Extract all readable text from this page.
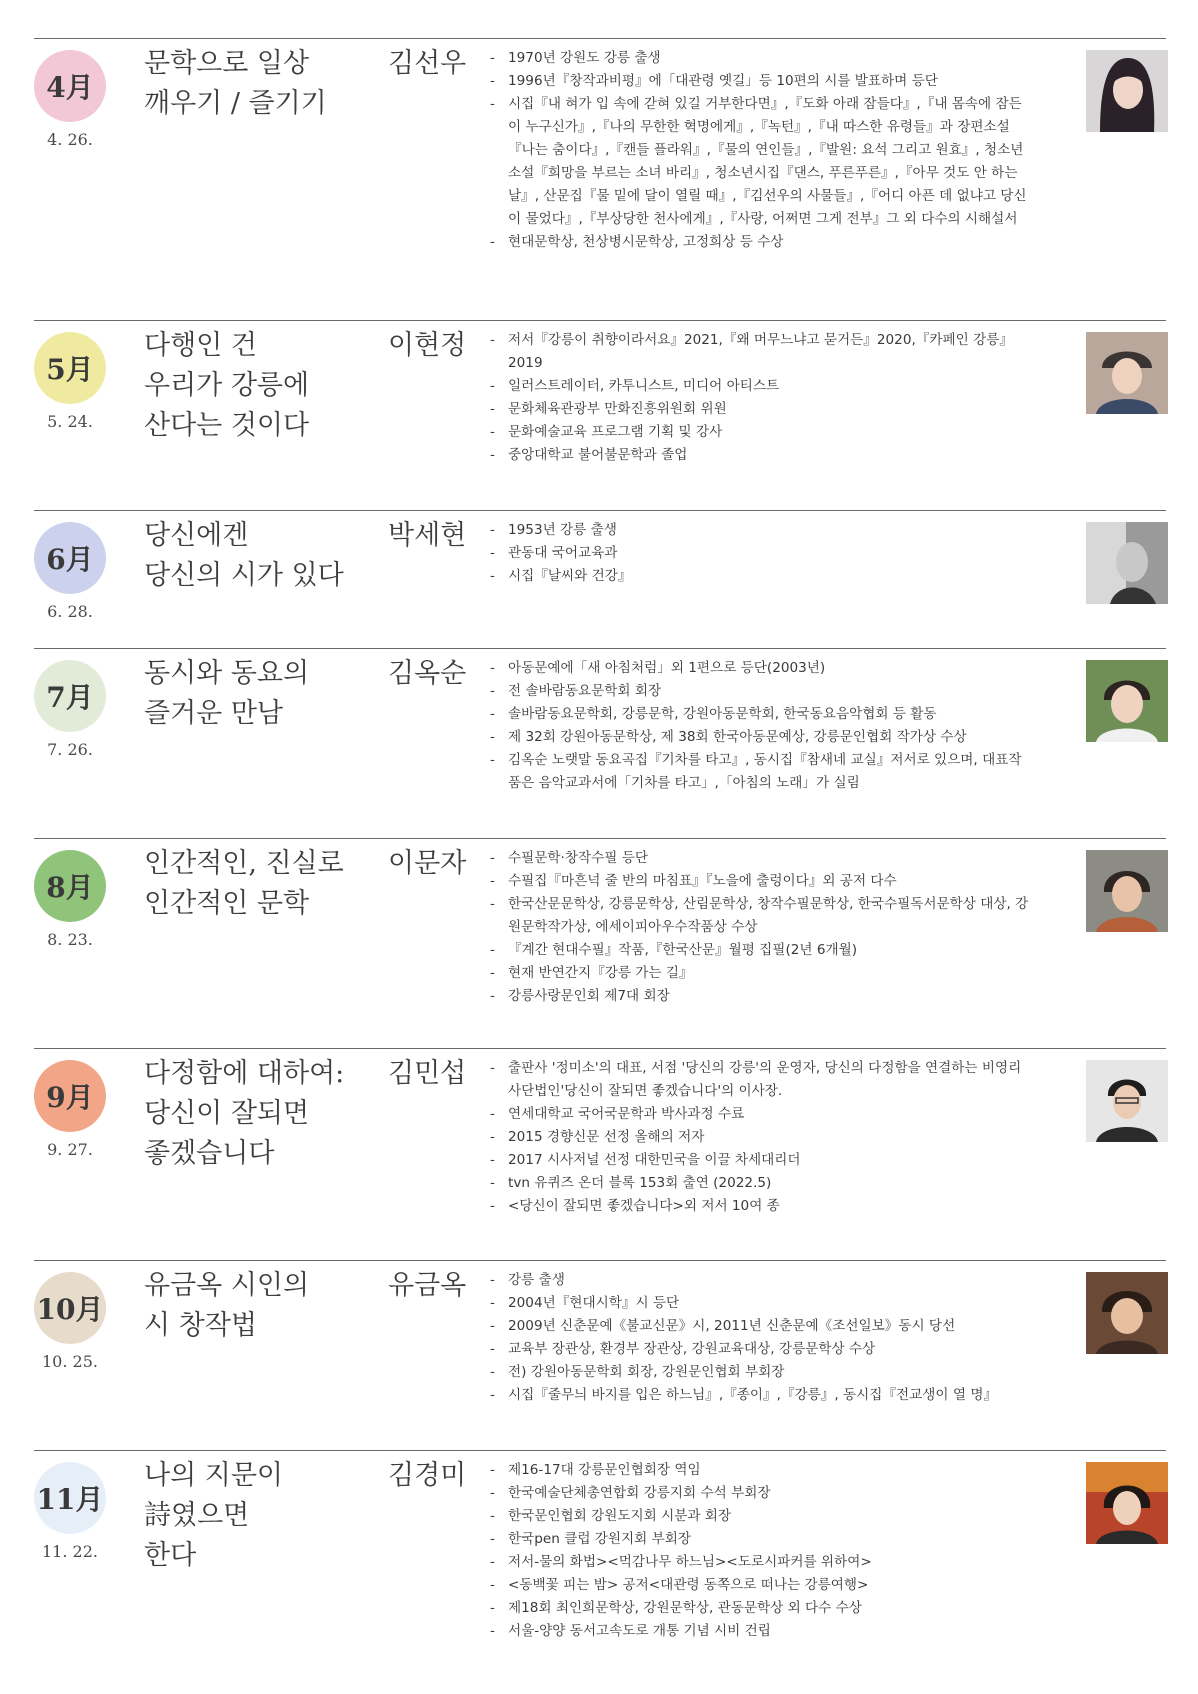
4月
4. 26.
문학으로 일상
깨우기 / 즐기기
김선우	- 1970년 강원도 강릉 출생
- 1996년『창작과비평』에「대관령 옛길」등 10편의 시를 발표하며 등단
- 시집『내 혀가 입 속에 갇혀 있길 거부한다면』,『도화 아래 잠들다』,『내 몸속에 잠든 이 누구신가』,『나의 무한한 혁명에게』,『녹턴』,『내 따스한 유령들』과 장편소설『나는 춤이다』,『캔들 플라워』,『물의 연인들』,『발원: 요석 그리고 원효』, 청소년소설『희망을 부르는 소녀 바리』, 청소년시집『댄스, 푸른푸른』,『아무 것도 안 하는 날』, 산문집『물 밑에 달이 열릴 때』,『김선우의 사물들』,『어디 아픈 데 없냐고 당신이 물었다』,『부상당한 천사에게』,『사랑, 어쩌면 그게 전부』그 외 다수의 시해설서
- 현대문학상, 천상병시문학상, 고정희상 등 수상
5月
5. 24.
다행인 건
우리가 강릉에
산다는 것이다
이현정	- 저서『강릉이 취향이라서요』2021,『왜 머무느냐고 묻거든』2020,『카페인 강릉』2019
- 일러스트레이터, 카투니스트, 미디어 아티스트
- 문화체육관광부 만화진흥위원회 위원
- 문화예술교육 프로그램 기획 및 강사
- 중앙대학교 불어불문학과 졸업
6月
6. 28.
당신에겐
당신의 시가 있다
박세현	- 1953년 강릉 출생
- 관동대 국어교육과
- 시집『날씨와 건강』
7月
7. 26.
동시와 동요의
즐거운 만남
김옥순	- 아동문예에「새 아침처럼」외 1편으로 등단(2003년)
- 전 솔바람동요문학회 회장
- 솔바람동요문학회, 강릉문학, 강원아동문학회, 한국동요음악협회 등 활동
- 제 32회 강원아동문학상, 제 38회 한국아동문예상, 강릉문인협회 작가상 수상
- 김옥순 노랫말 동요곡집『기차를 타고』, 동시집『참새네 교실』저서로 있으며, 대표작품은 음악교과서에「기차를 타고」,「아침의 노래」가 실림
8月
8. 23.
인간적인, 진실로
인간적인 문학
이문자	- 수필문학·창작수필 등단
- 수필집『마흔넉 줄 반의 마침표』『노을에 출렁이다』외 공저 다수
- 한국산문문학상, 강릉문학상, 산림문학상, 창작수필문학상, 한국수필독서문학상 대상, 강원문학작가상, 에세이피아우수작품상 수상
- 『계간 현대수필』작품,『한국산문』월평 집필(2년 6개월)
- 현재 반연간지『강릉 가는 길』
- 강릉사랑문인회 제7대 회장
9月
9. 27.
다정함에 대하여:
당신이 잘되면
좋겠습니다
김민섭	- 출판사 '정미소'의 대표, 서점 '당신의 강릉'의 운영자, 당신의 다정함을 연결하는 비영리 사단법인'당신이 잘되면 좋겠습니다'의 이사장.
- 연세대학교 국어국문학과 박사과정 수료
- 2015 경향신문 선정 올해의 저자
- 2017 시사저널 선정 대한민국을 이끌 차세대리더
- tvn 유퀴즈 온더 블록 153회 출연 (2022.5)
- <당신이 잘되면 좋겠습니다>외 저서 10여 종
10月
10. 25.
유금옥 시인의
시 창작법
유금옥	- 강릉 출생
- 2004년『현대시학』시 등단
- 2009년 신춘문예《불교신문》시, 2011년 신춘문예《조선일보》동시 당선
- 교육부 장관상, 환경부 장관상, 강원교육대상, 강릉문학상 수상
- 전) 강원아동문학회 회장, 강원문인협회 부회장
- 시집『줄무늬 바지를 입은 하느님』,『종이』,『강릉』, 동시집『전교생이 열 명』
11月
11. 22.
나의 지문이
詩였으면
한다
김경미	- 제16-17대 강릉문인협회장 역임
- 한국예술단체총연합회 강릉지회 수석 부회장
- 한국문인협회 강원도지회 시분과 회장
- 한국pen 클럽 강원지회 부회장
- 저서-물의 화법><먹감나무 하느님><도로시파커를 위하여>
- <동백꽃 피는 밤> 공저<대관령 동쪽으로 떠나는 강릉여행>
- 제18회 최인희문학상, 강원문학상, 관동문학상 외 다수 수상
- 서울-양양 동서고속도로 개통 기념 시비 건립
